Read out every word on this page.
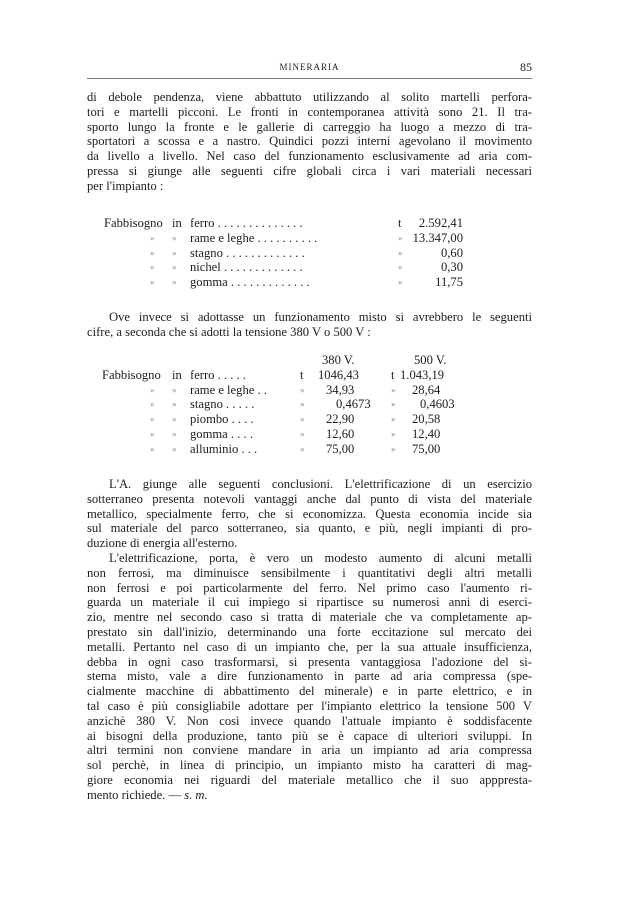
MINERARIA	85
di debole pendenza, viene abbattuto utilizzando al solito martelli perfora-
tori e martelli picconi. Le fronti in contemporanea attività sono 21. Il tra-
sporto lungo la fronte e le gallerie di carreggio ha luogo a mezzo di tra-
sportatori a scossa e a nastro. Quindici pozzi interni agevolano il movimento
da livello a livello. Nel caso del funzionamento esclusivamente ad aria com-
pressa si giunge alle seguenti cifre globali circa i vari materiali necessari
per l'impianto :
Fabbisogno in ferro . . . . . . . . . . . . . .	t 2.592,41
» » rame e leghe . . . . . . . . . .	» 13.347,00
» » stagno . . . . . . . . . . . . .	»	0,60
» » nichel . . . . . . . . . . . . .	»	0,30
» » gomma . . . . . . . . . . . . .	»	11,75
Ove invece si adottasse un funzionamento misto si avrebbero le seguenti
cifre, a seconda che si adotti la tensione 380 V o 500 V :
380 V.	500 V.
Fabbisogno in ferro . . . . .	t 1046,43	t 1.043,19
» » rame e leghe . .	» 34,93	» 28,64
» » stagno . . . . .	»	0,4673 » 0,4603
» » piombo . . . .	» 22,90	» 20,58
» » gomma . . . .	» 12,60	» 12,40
» » alluminio . . .	» 75,00	» 75,00
L'A. giunge alle seguenti conclusioni. L'elettrificazione di un esercizio
sotterraneo presenta notevoli vantaggi anche dal punto di vista del materiale
metallico, specialmente ferro, che si economizza. Questa economia incide sia
sul materiale del parco sotterraneo, sia quanto, e più, negli impianti di pro-
duzione di energia all'esterno.
L'elettrificazione, porta, è vero un modesto aumento di alcuni metalli
non ferrosi, ma diminuisce sensibilmente i quantitativi degli altri metalli
non ferrosi e poi particolarmente del ferro. Nel primo caso l'aumento ri-
guarda un materiale il cui impiego si ripartisce su numerosi anni di eserci-
zio, mentre nel secondo caso si tratta di materiale che va completamente ap-
prestato sin dall'inizio, determinando una forte eccitazione sul mercato dei
metalli. Pertanto nel caso di un impianto che, per la sua attuale insufficienza,
debba in ogni caso trasformarsi, si presenta vantaggiosa l'adozione del si-
stema misto, vale a dire funzionamento in parte ad aria compressa (spe-
cialmente macchine di abbattimento del minerale) e in parte elettrico, e in
tal caso è più consigliabile adottare per l'impianto elettrico la tensione 500 V
anzichè 380 V. Non così invece quando l'attuale impianto è soddisfacente
ai bisogni della produzione, tanto più se è capace di ulteriori sviluppi. In
altri termini non conviene mandare in aria un impianto ad aria compressa
sol perchè, in linea di principio, un impianto misto ha caratteri di mag-
giore economia nei riguardi del materiale metallico che il suo apppresta-
mento richiede. — s. m.
